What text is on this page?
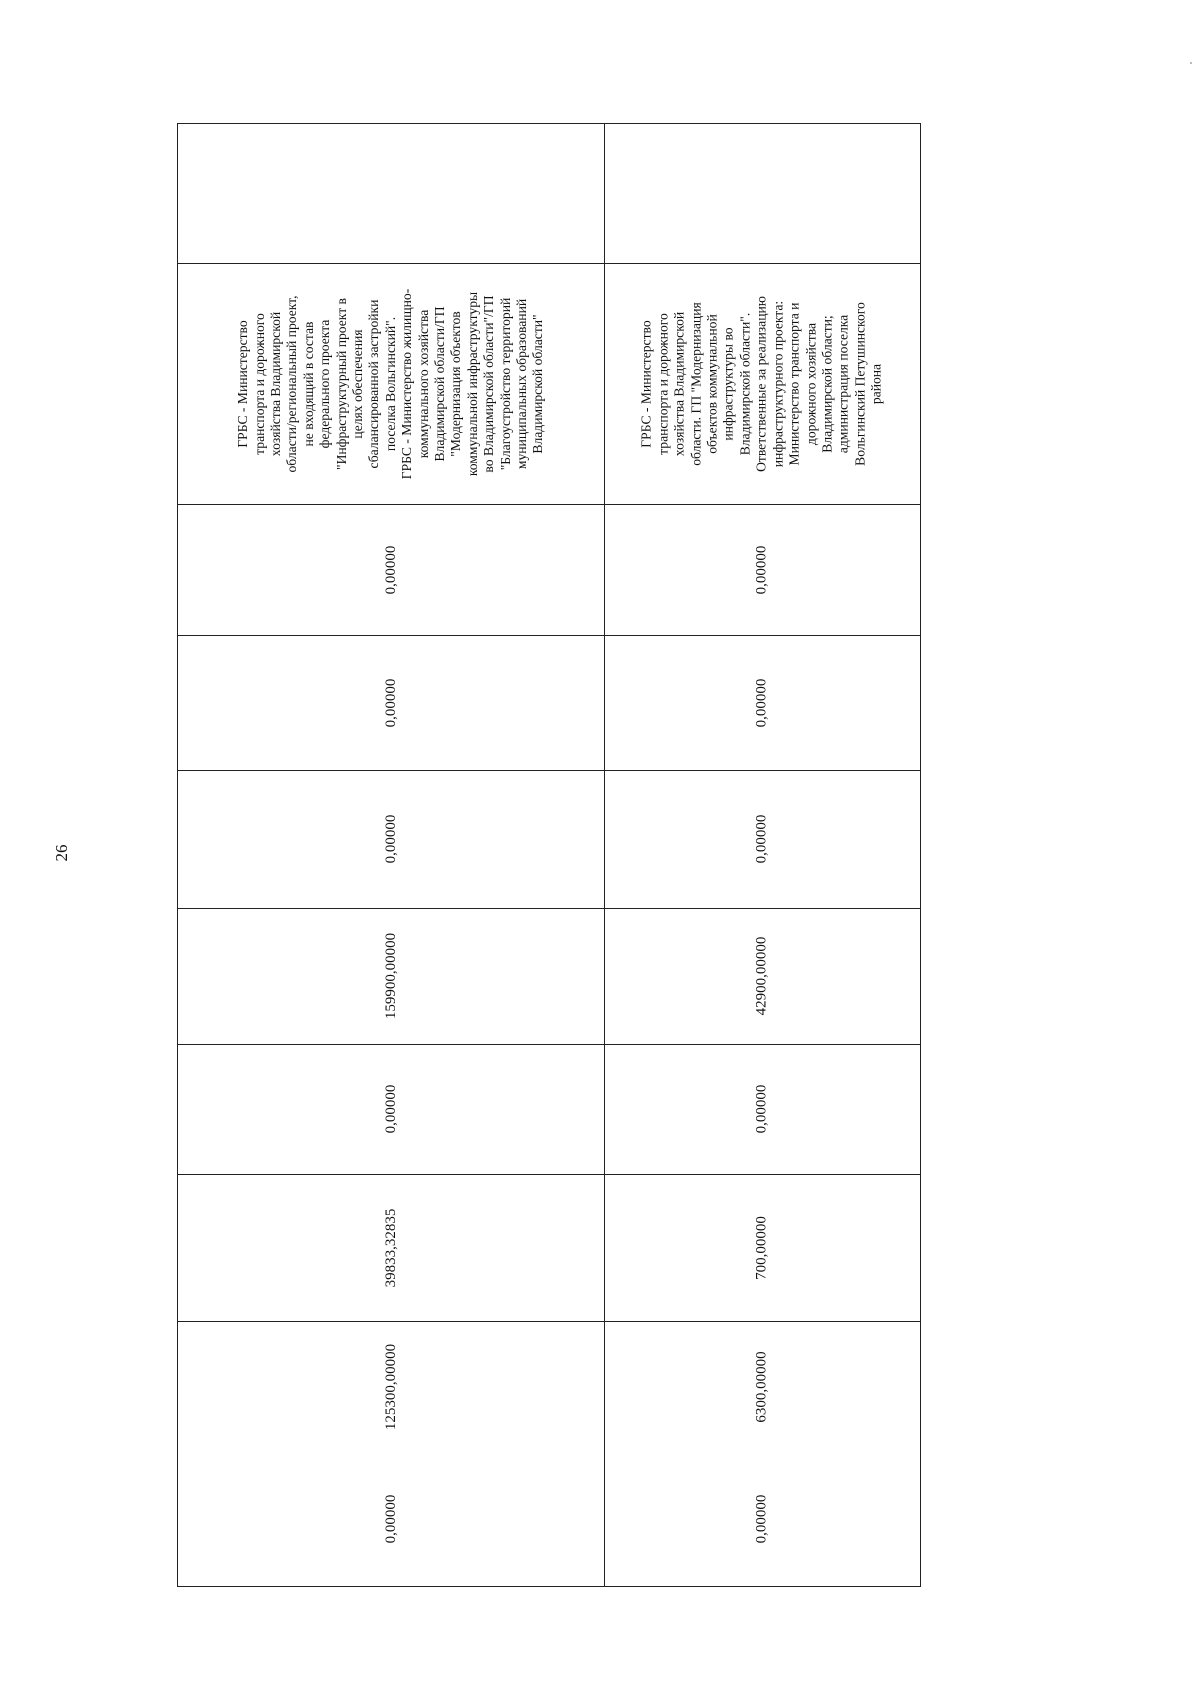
26
ГРБС - Министерство
транспорта и дорожного
хозяйства Владимирской
области/региональный проект,
не входящий в состав
федерального проекта
"Инфраструктурный проект в
целях обеспечения
сбалансированной застройки
поселка Вольгинский".
ГРБС - Министерство жилищно-
коммунального хозяйства
Владимирской области/ГП
"Модернизация объектов
коммунальной инфраструктуры
во Владимирской области"/ГП
"Благоустройство территорий
муниципальных образований
Владимирской области"
0,00000
0,00000
0,00000
159900,00000
0,00000
39833,32835
125300,00000
0,00000
ГРБС - Министерство
транспорта и дорожного
хозяйства Владимирской
области. ГП "Модернизация
объектов коммунальной
инфраструктуры во
Владимирской области".
Ответственные за реализацию
инфраструктурного проекта:
Министерство транспорта и
дорожного хозяйства
Владимирской области;
администрация поселка
Вольгинский Петушинского
района
0,00000
0,00000
0,00000
42900,00000
0,00000
700,00000
6300,00000
0,00000
